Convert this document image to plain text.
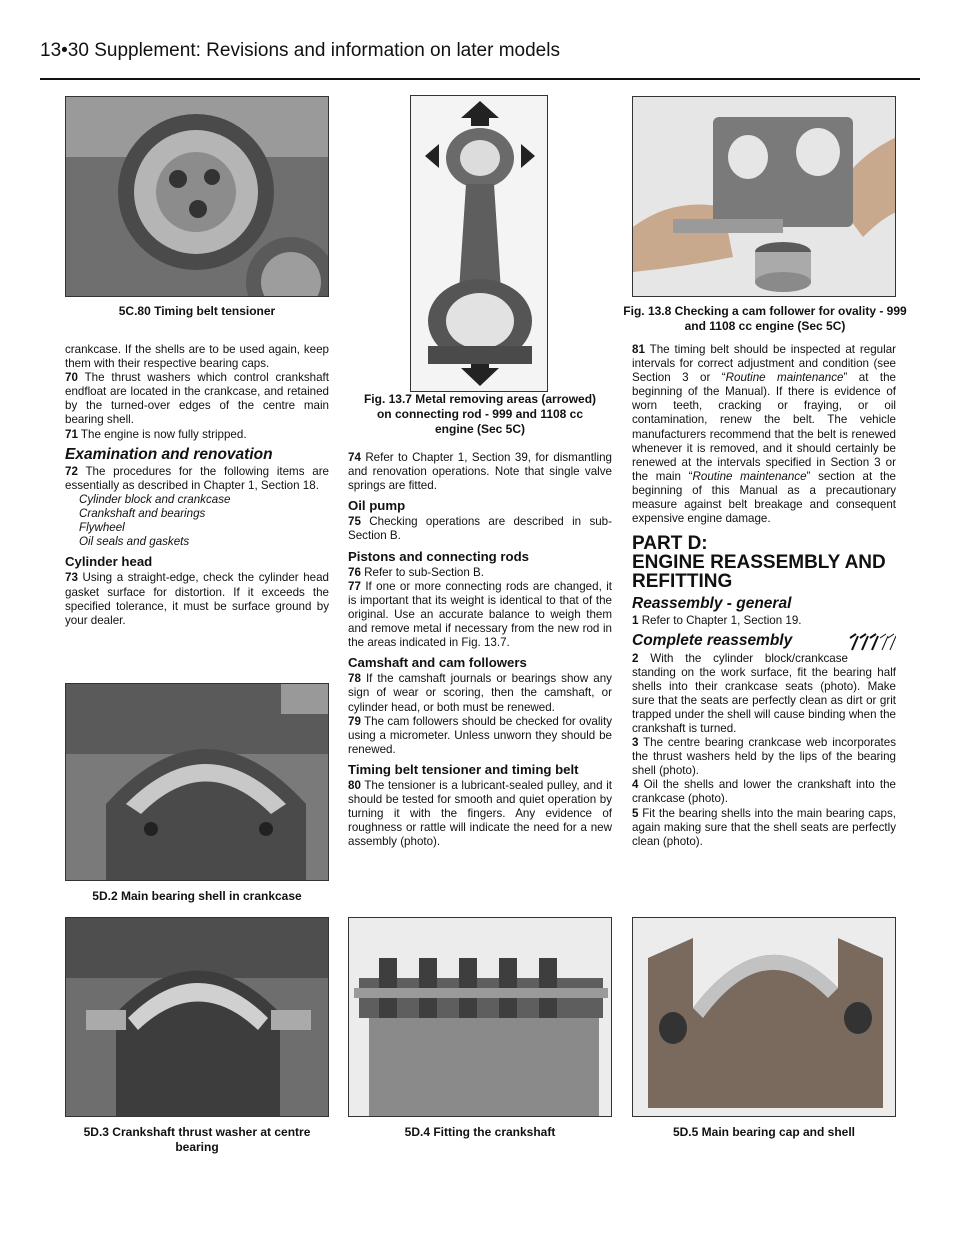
13•30 Supplement: Revisions and information on later models
5C.80 Timing belt tensioner
Fig. 13.7 Metal removing areas (arrowed) on connecting rod - 999 and 1108 cc engine (Sec 5C)
Fig. 13.8 Checking a cam follower for ovality - 999 and 1108 cc engine (Sec 5C)
5D.2 Main bearing shell in crankcase
5D.3 Crankshaft thrust washer at centre bearing
5D.4 Fitting the crankshaft	5D.5 Main bearing cap and shell

crankcase. If the shells are to be used again, keep them with their respective bearing caps.

70 The thrust washers which control crankshaft endfloat are located in the crankcase, and retained by the turned-over edges of the centre main bearing shell.

71 The engine is now fully stripped.

Examination and renovation

72 The procedures for the following items are essentially as described in Chapter 1, Section 18.

Cylinder block and crankcase
Crankshaft and bearings
Flywheel
Oil seals and gaskets
Cylinder head

73 Using a straight-edge, check the cylinder head gasket surface for distortion. If it exceeds the specified tolerance, it must be surface ground by your dealer.

74 Refer to Chapter 1, Section 39, for dismantling and renovation operations. Note that single valve springs are fitted.

Oil pump

75 Checking operations are described in sub-Section B.

Pistons and connecting rods

76 Refer to sub-Section B.

77 If one or more connecting rods are changed, it is important that its weight is identical to that of the original. Use an accurate balance to weigh them and remove metal if necessary from the new rod in the areas indicated in Fig. 13.7.

Camshaft and cam followers

78 If the camshaft journals or bearings show any sign of wear or scoring, then the camshaft, or cylinder head, or both must be renewed.

79 The cam followers should be checked for ovality using a micrometer. Unless unworn they should be renewed.

Timing belt tensioner and timing belt

80 The tensioner is a lubricant-sealed pulley, and it should be tested for smooth and quiet operation by turning it with the fingers. Any evidence of roughness or rattle will indicate the need for a new assembly (photo).

81 The timing belt should be inspected at regular intervals for correct adjustment and condition (see Section 3 or “Routine maintenance” at the beginning of the Manual). If there is evidence of worn teeth, cracking or fraying, or oil contamination, renew the belt. The vehicle manufacturers recommend that the belt is renewed whenever it is removed, and it should certainly be renewed at the intervals specified in Section 3 or the main “Routine maintenance” section at the beginning of this Manual as a precautionary measure against belt breakage and consequent expensive engine damage.

PART D:
ENGINE REASSEMBLY AND REFITTING
Reassembly - general

1 Refer to Chapter 1, Section 19.

Complete reassembly

2 With the cylinder block/crankcase standing on the work surface, fit the bearing half shells into their crankcase seats (photo). Make sure that the seats are perfectly clean as dirt or grit trapped under the shell will cause binding when the crankshaft is turned.

3 The centre bearing crankcase web incorporates the thrust washers held by the lips of the bearing shell (photo).

4 Oil the shells and lower the crankshaft into the crankcase (photo).

5 Fit the bearing shells into the main bearing caps, again making sure that the shell seats are perfectly clean (photo).
